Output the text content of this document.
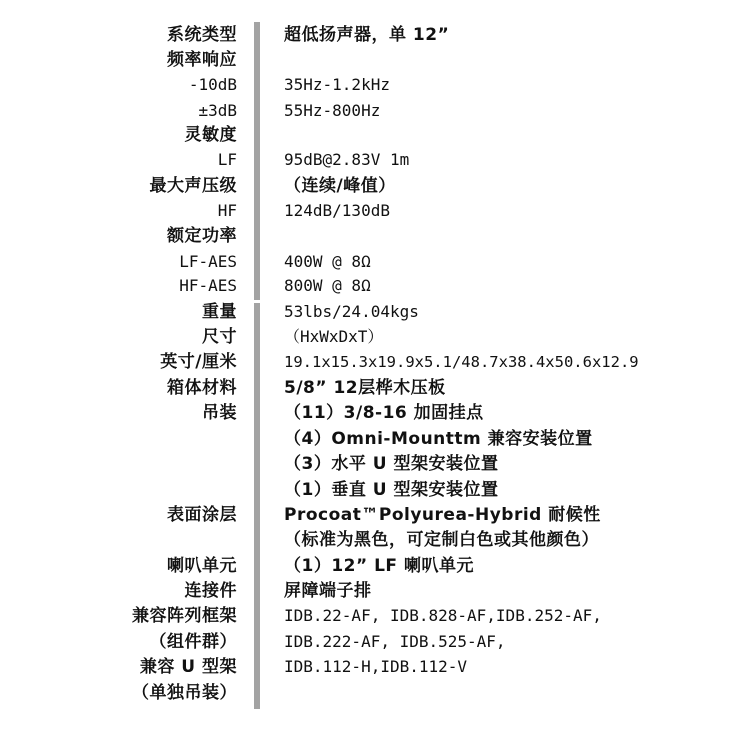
系统类型	超低扬声器，单 12”
频率响应
-10dB	35Hz-1.2kHz
±3dB	55Hz-800Hz
灵敏度
LF	95dB@2.83V 1m
最大声压级	（连续/峰值）
HF	124dB/130dB
额定功率
LF-AES	400W @ 8Ω
HF-AES	800W @ 8Ω
重量	53lbs/24.04kgs
尺寸	（HxWxDxT）
英寸/厘米	19.1x15.3x19.9x5.1/48.7x38.4x50.6x12.9
箱体材料	5/8” 12层桦木压板
吊装	（11）3/8-16 加固挂点
（4）Omni-Mounttm 兼容安装位置
（3）水平 U 型架安装位置
（1）垂直 U 型架安装位置
表面涂层	Procoat™Polyurea-Hybrid 耐候性
（标准为黑色，可定制白色或其他颜色）
喇叭单元	（1）12” LF 喇叭单元
连接件	屏障端子排
兼容阵列框架	IDB.22-AF, IDB.828-AF,IDB.252-AF,
（组件群）	IDB.222-AF, IDB.525-AF,
兼容 U 型架	IDB.112-H,IDB.112-V
（单独吊装）
